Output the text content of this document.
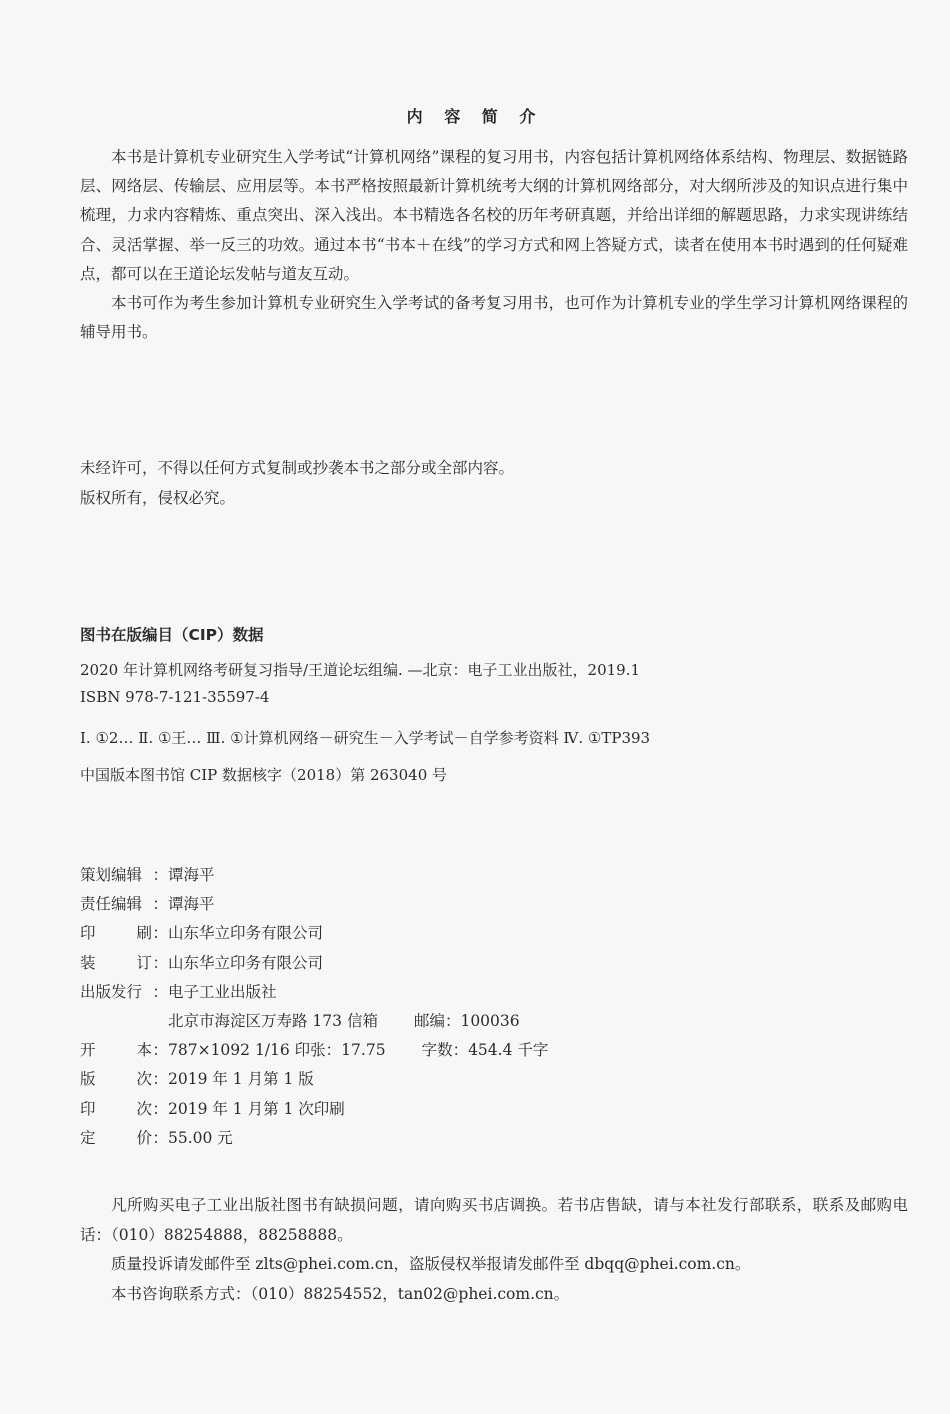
内 容 简 介

本书是计算机专业研究生入学考试“计算机网络”课程的复习用书，内容包括计算机网络体系结构、物理层、数据链路层、网络层、传输层、应用层等。本书严格按照最新计算机统考大纲的计算机网络部分，对大纲所涉及的知识点进行集中梳理，力求内容精炼、重点突出、深入浅出。本书精选各名校的历年考研真题，并给出详细的解题思路，力求实现讲练结合、灵活掌握、举一反三的功效。通过本书“书本＋在线”的学习方式和网上答疑方式，读者在使用本书时遇到的任何疑难点，都可以在王道论坛发帖与道友互动。

本书可作为考生参加计算机专业研究生入学考试的备考复习用书，也可作为计算机专业的学生学习计算机网络课程的辅导用书。

未经许可，不得以任何方式复制或抄袭本书之部分或全部内容。
版权所有，侵权必究。
图书在版编目（CIP）数据
2020 年计算机网络考研复习指导/王道论坛组编. —北京：电子工业出版社，2019.1
ISBN 978-7-121-35597-4
Ⅰ. ①2… Ⅱ. ①王… Ⅲ. ①计算机网络－研究生－入学考试－自学参考资料 Ⅳ. ①TP393
中国版本图书馆 CIP 数据核字（2018）第 263040 号
策划编辑 ： 谭海平
责任编辑 ： 谭海平
印	刷 ： 山东华立印务有限公司
装	订 ： 山东华立印务有限公司
出版发行 ： 电子工业出版社
北京市海淀区万寿路 173 信箱 邮编：100036
开	本 ： 787×1092 1/16 印张：17.75 字数：454.4 千字
版	次 ： 2019 年 1 月第 1 版
印	次 ： 2019 年 1 月第 1 次印刷
定	价 ： 55.00 元

凡所购买电子工业出版社图书有缺损问题，请向购买书店调换。若书店售缺，请与本社发行部联系，联系及邮购电话：（010）88254888，88258888。

质量投诉请发邮件至 zlts@phei.com.cn，盗版侵权举报请发邮件至 dbqq@phei.com.cn。

本书咨询联系方式：（010）88254552，tan02@phei.com.cn。
